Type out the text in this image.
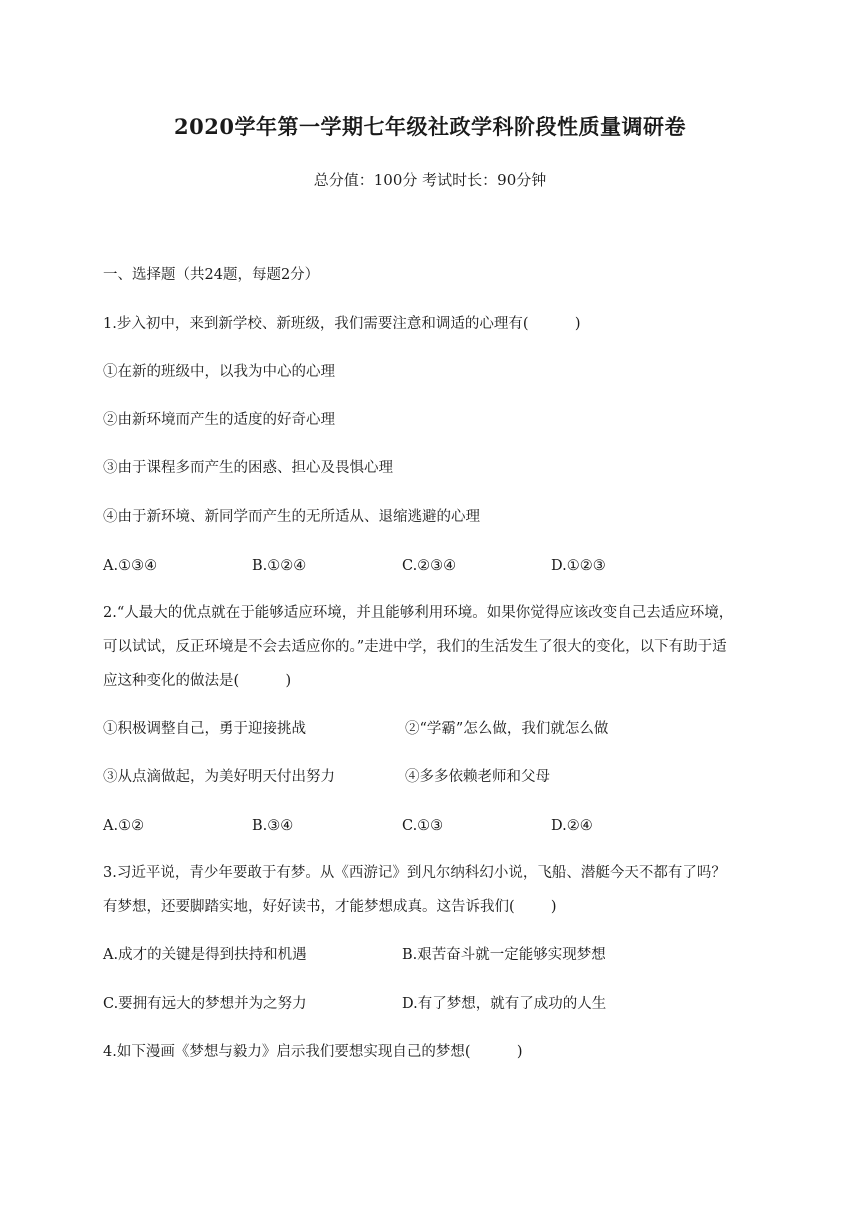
2020学年第一学期七年级社政学科阶段性质量调研卷
总分值：100分 考试时长：90分钟
一、选择题（共24题，每题2分）
1.步入初中，来到新学校、新班级，我们需要注意和调适的心理有(	)
①在新的班级中，以我为中心的心理
②由新环境而产生的适度的好奇心理
③由于课程多而产生的困惑、担心及畏惧心理
④由于新环境、新同学而产生的无所适从、退缩逃避的心理
A.①③④	B.①②④	C.②③④	D.①②③
2.“人最大的优点就在于能够适应环境，并且能够利用环境。如果你觉得应该改变自己去适应环境，
可以试试，反正环境是不会去适应你的。”走进中学，我们的生活发生了很大的变化，以下有助于适
应这种变化的做法是(	)
①积极调整自己，勇于迎接挑战	②“学霸”怎么做，我们就怎么做
③从点滴做起，为美好明天付出努力	④多多依赖老师和父母
A.①②	B.③④	C.①③	D.②④
3.习近平说，青少年要敢于有梦。从《西游记》到凡尔纳科幻小说，飞船、潜艇今天不都有了吗？
有梦想，还要脚踏实地，好好读书，才能梦想成真。这告诉我们(	)
A.成才的关键是得到扶持和机遇	B.艰苦奋斗就一定能够实现梦想
C.要拥有远大的梦想并为之努力	D.有了梦想，就有了成功的人生
4.如下漫画《梦想与毅力》启示我们要想实现自己的梦想(	)
